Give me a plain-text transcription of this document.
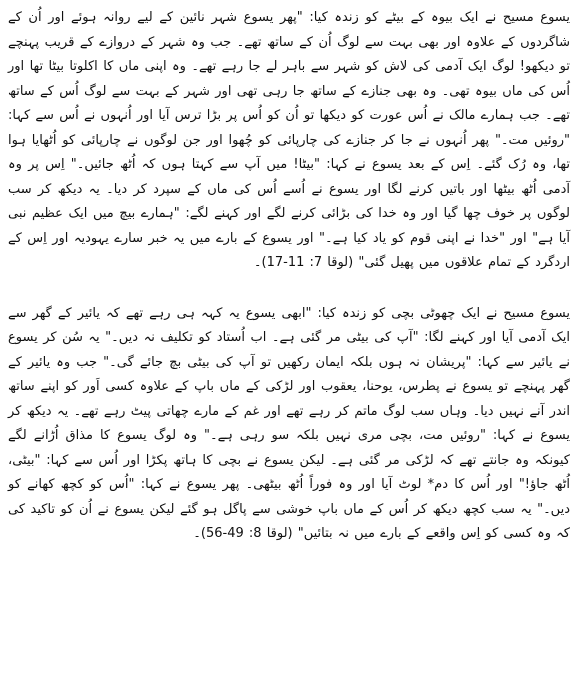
یسوع مسیح نے ایک بیوہ کے بیٹے کو زندہ کیا: "پھر یسوع شہر نائین کے لیے روانہ ہوئے اور اُن کے شاگردوں کے علاوہ اور بھی بہت سے لوگ اُن کے ساتھ تھے۔ جب وہ شہر کے دروازے کے قریب پہنچے تو دیکھو! لوگ ایک آدمی کی لاش کو شہر سے باہر لے جا رہے تھے۔ وہ اپنی ماں کا اکلوتا بیٹا تھا اور اُس کی ماں بیوہ تھی۔ وہ بھی جنازے کے ساتھ جا رہی تھی اور شہر کے بہت سے لوگ اُس کے ساتھ تھے۔ جب ہمارے مالک نے اُس عورت کو دیکھا تو اُن کو اُس پر بڑا ترس آیا اور اُنہوں نے اُس سے کہا: "روئیں مت۔" پھر اُنہوں نے جا کر جنازے کی چارپائی کو چُھوا اور جن لوگوں نے چارپائی کو اُٹھایا ہوا تھا، وہ رُک گئے۔ اِس کے بعد یسوع نے کہا: "بیٹا! میں آپ سے کہتا ہوں کہ اُٹھ جائیں۔" اِس پر وہ آدمی اُٹھ بیٹھا اور باتیں کرنے لگا اور یسوع نے اُسے اُس کی ماں کے سپرد کر دیا۔ یہ دیکھ کر سب لوگوں پر خوف چھا گیا اور وہ خدا کی بڑائی کرنے لگے اور کہنے لگے: "ہمارے بیچ میں ایک عظیم نبی آیا ہے" اور "خدا نے اپنی قوم کو یاد کیا ہے۔" اور یسوع کے بارے میں یہ خبر سارے یہودیہ اور اِس کے اردگرد کے تمام علاقوں میں پھیل گئی" (لوقا 7: 11-17)۔

یسوع مسیح نے ایک چھوٹی بچی کو زندہ کیا: "ابھی یسوع یہ کہہ ہی رہے تھے کہ یائیر کے گھر سے ایک آدمی آیا اور کہنے لگا: "آپ کی بیٹی مر گئی ہے۔ اب اُستاد کو تکلیف نہ دیں۔" یہ سُن کر یسوع نے یائیر سے کہا: "پریشان نہ ہوں بلکہ ایمان رکھیں تو آپ کی بیٹی بچ جائے گی۔" جب وہ یائیر کے گھر پہنچے تو یسوع نے پطرس، یوحنا، یعقوب اور لڑکی کے ماں باپ کے علاوہ کسی اَور کو اپنے ساتھ اندر آنے نہیں دیا۔ وہاں سب لوگ ماتم کر رہے تھے اور غم کے مارے چھاتی پیٹ رہے تھے۔ یہ دیکھ کر یسوع نے کہا: "روئیں مت، بچی مری نہیں بلکہ سو رہی ہے۔" وہ لوگ یسوع کا مذاق اُڑانے لگے کیونکہ وہ جانتے تھے کہ لڑکی مر گئی ہے۔ لیکن یسوع نے بچی کا ہاتھ پکڑا اور اُس سے کہا: "بیٹی، اُٹھ جاؤ!" اور اُس کا دم* لوٹ آیا اور وہ فوراً اُٹھ بیٹھی۔ پھر یسوع نے کہا: "اُس کو کچھ کھانے کو دیں۔" یہ سب کچھ دیکھ کر اُس کے ماں باپ خوشی سے پاگل ہو گئے لیکن یسوع نے اُن کو تاکید کی کہ وہ کسی کو اِس واقعے کے بارے میں نہ بتائیں" (لوقا 8: 49-56)۔
